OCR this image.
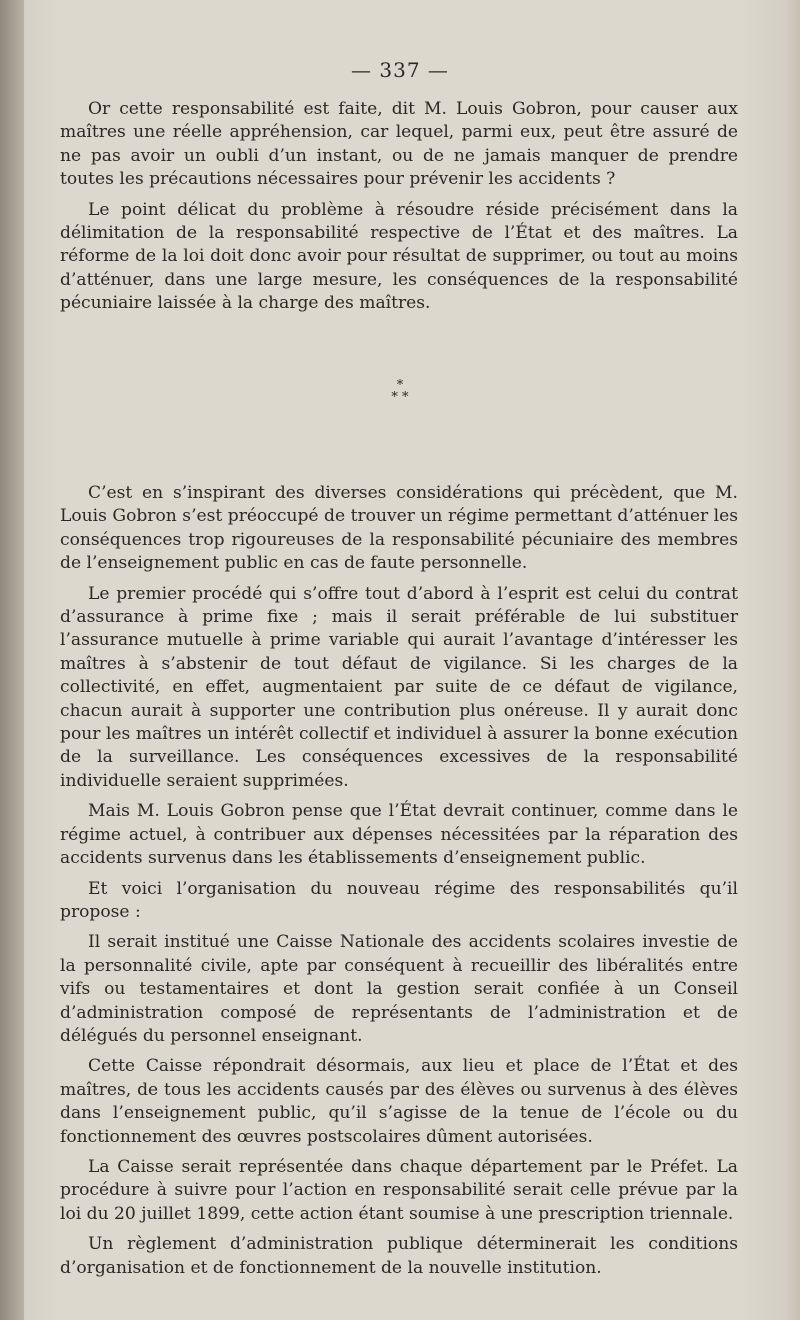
— 337 —

Or cette responsabilité est faite, dit M. Louis Gobron, pour causer aux maîtres une réelle appréhension, car lequel, parmi eux, peut être assuré de ne pas avoir un oubli d’un instant, ou de ne jamais manquer de prendre toutes les précautions nécessaires pour prévenir les accidents ?

Le point délicat du problème à résoudre réside précisément dans la délimitation de la responsabilité respective de l’État et des maîtres. La réforme de la loi doit donc avoir pour résultat de supprimer, ou tout au moins d’atténuer, dans une large mesure, les conséquences de la responsabilité pécuniaire laissée à la charge des maîtres.

*
* *

C’est en s’inspirant des diverses considérations qui précèdent, que M. Louis Gobron s’est préoccupé de trouver un régime permettant d’atténuer les conséquences trop rigoureuses de la responsabilité pécuniaire des membres de l’enseignement public en cas de faute personnelle.

Le premier procédé qui s’offre tout d’abord à l’esprit est celui du contrat d’assurance à prime fixe ; mais il serait préférable de lui substituer l’assurance mutuelle à prime variable qui aurait l’avantage d’intéresser les maîtres à s’abstenir de tout défaut de vigilance. Si les charges de la collectivité, en effet, augmentaient par suite de ce défaut de vigilance, chacun aurait à supporter une contribution plus onéreuse. Il y aurait donc pour les maîtres un intérêt collectif et individuel à assurer la bonne exécution de la surveillance. Les conséquences excessives de la responsabilité individuelle seraient supprimées.

Mais M. Louis Gobron pense que l’État devrait continuer, comme dans le régime actuel, à contribuer aux dépenses nécessitées par la réparation des accidents survenus dans les établissements d’enseignement public.

Et voici l’organisation du nouveau régime des responsabilités qu’il propose :

Il serait institué une Caisse Nationale des accidents scolaires investie de la personnalité civile, apte par conséquent à recueillir des libéralités entre vifs ou testamentaires et dont la gestion serait confiée à un Conseil d’administration composé de représentants de l’administration et de délégués du personnel enseignant.

Cette Caisse répondrait désormais, aux lieu et place de l’État et des maîtres, de tous les accidents causés par des élèves ou survenus à des élèves dans l’enseignement public, qu’il s’agisse de la tenue de l’école ou du fonctionnement des œuvres postscolaires dûment autorisées.

La Caisse serait représentée dans chaque département par le Préfet. La procédure à suivre pour l’action en responsabilité serait celle prévue par la loi du 20 juillet 1899, cette action étant soumise à une prescription triennale.

Un règlement d’administration publique déterminerait les conditions d’organisation et de fonctionnement de la nouvelle institution.
